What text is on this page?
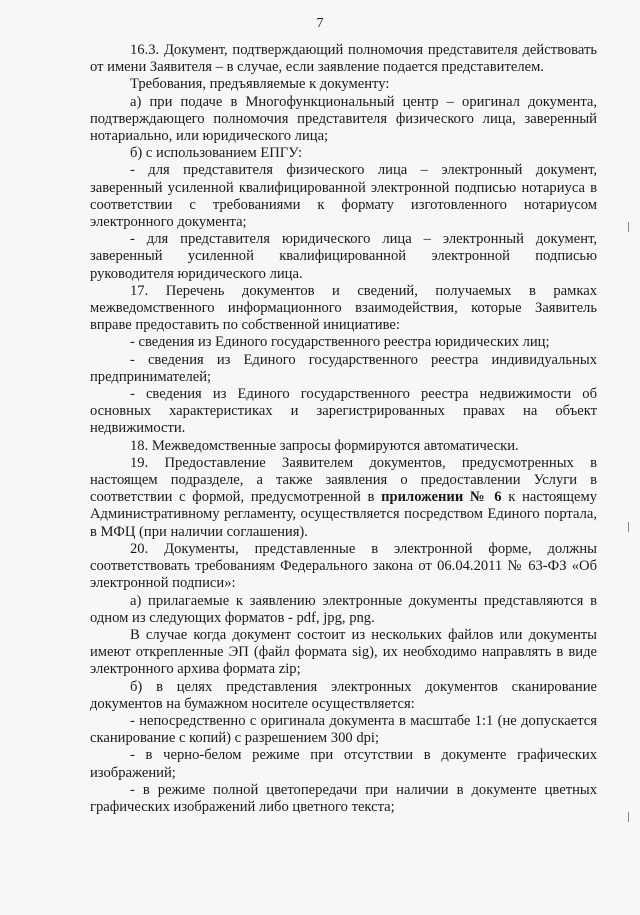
7

16.3. Документ, подтверждающий полномочия представителя действовать от имени Заявителя – в случае, если заявление подается представителем.

Требования, предъявляемые к документу:

а) при подаче в Многофункциональный центр – оригинал документа, подтверждающего полномочия представителя физического лица, заверенный нотариально, или юридического лица;

б) с использованием ЕПГУ:

- для представителя физического лица – электронный документ, заверенный усиленной квалифицированной электронной подписью нотариуса в соответствии с требованиями к формату изготовленного нотариусом электронного документа;

- для представителя юридического лица – электронный документ, заверенный усиленной квалифицированной электронной подписью руководителя юридического лица.

17. Перечень документов и сведений, получаемых в рамках межведомственного информационного взаимодействия, которые Заявитель вправе предоставить по собственной инициативе:

- сведения из Единого государственного реестра юридических лиц;

- сведения из Единого государственного реестра индивидуальных предпринимателей;

- сведения из Единого государственного реестра недвижимости об основных характеристиках и зарегистрированных правах на объект недвижимости.

18. Межведомственные запросы формируются автоматически.

19. Предоставление Заявителем документов, предусмотренных в настоящем подразделе, а также заявления о предоставлении Услуги в соответствии с формой, предусмотренной в приложении № 6 к настоящему Административному регламенту, осуществляется посредством Единого портала, в МФЦ (при наличии соглашения).

20. Документы, представленные в электронной форме, должны соответствовать требованиям Федерального закона от 06.04.2011 № 63-ФЗ «Об электронной подписи»:

а) прилагаемые к заявлению электронные документы представляются в одном из следующих форматов - pdf, jpg, png.

В случае когда документ состоит из нескольких файлов или документы имеют открепленные ЭП (файл формата sig), их необходимо направлять в виде электронного архива формата zip;

б) в целях представления электронных документов сканирование документов на бумажном носителе осуществляется:

- непосредственно с оригинала документа в масштабе 1:1 (не допускается сканирование с копий) с разрешением 300 dpi;

- в черно-белом режиме при отсутствии в документе графических изображений;

- в режиме полной цветопередачи при наличии в документе цветных графических изображений либо цветного текста;
